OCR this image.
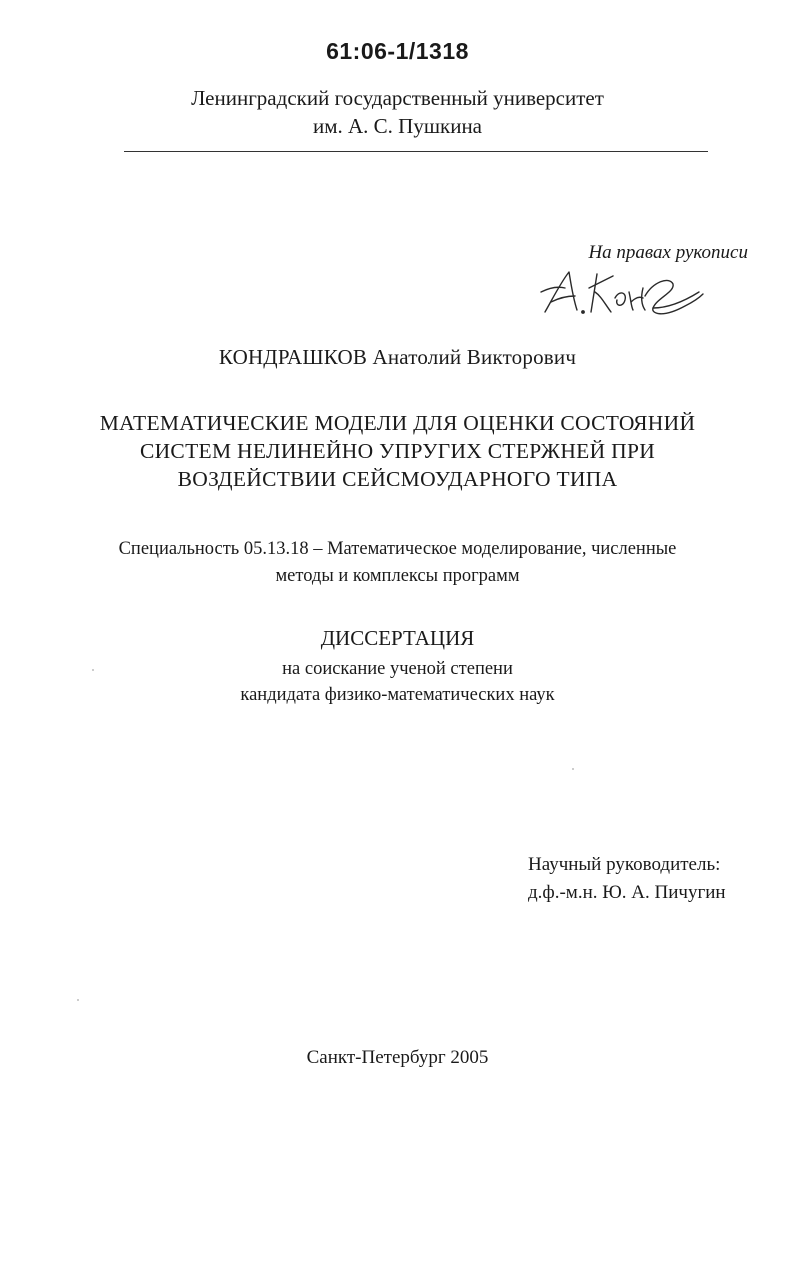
61:06-1/1318
Ленинградский государственный университет
им. А. С. Пушкина
На правах рукописи
КОНДРАШКОВ Анатолий Викторович
МАТЕМАТИЧЕСКИЕ МОДЕЛИ ДЛЯ ОЦЕНКИ СОСТОЯНИЙ
СИСТЕМ НЕЛИНЕЙНО УПРУГИХ СТЕРЖНЕЙ ПРИ
ВОЗДЕЙСТВИИ СЕЙСМОУДАРНОГО ТИПА
Специальность 05.13.18 – Математическое моделирование, численные
методы и комплексы программ
ДИССЕРТАЦИЯ
на соискание ученой степени
кандидата физико-математических наук
Научный руководитель:
д.ф.-м.н. Ю. А. Пичугин
Санкт-Петербург 2005
